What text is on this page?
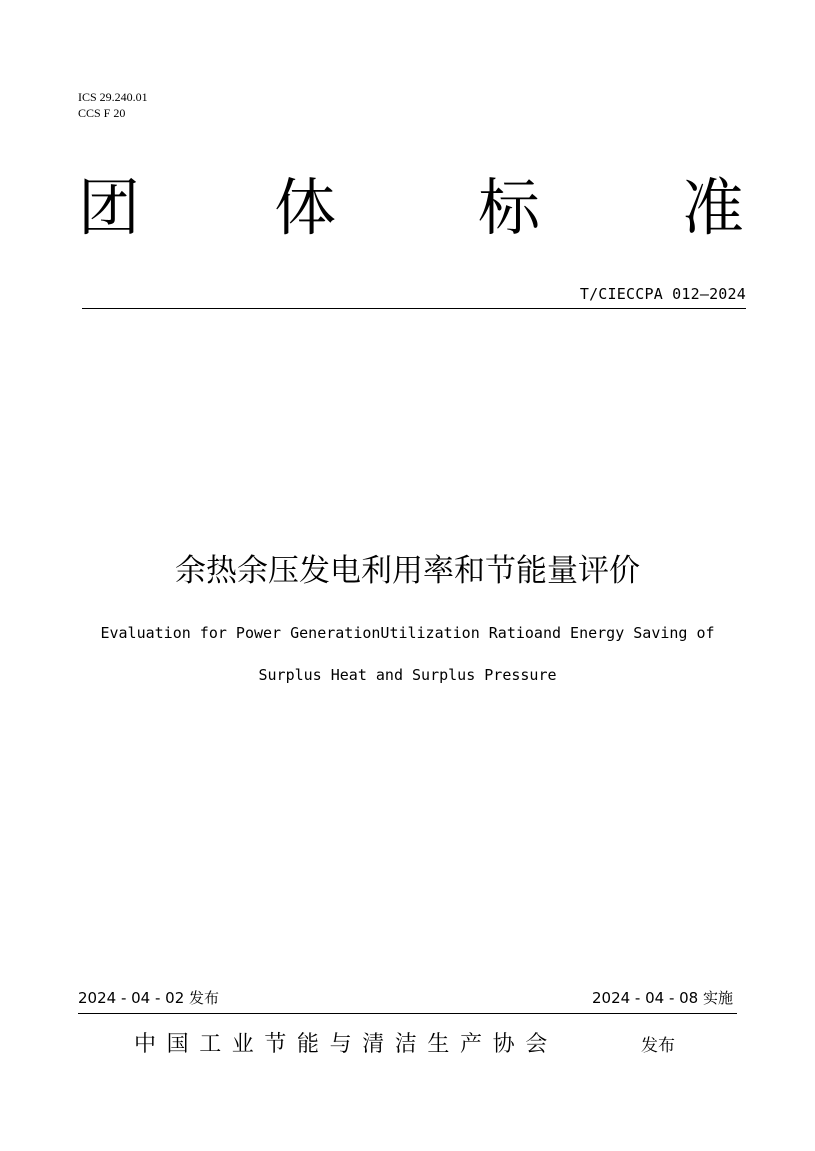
ICS 29.240.01
CCS F 20
团 体 标 准
T/CIECCPA 012—2024
余热余压发电利用率和节能量评价
Evaluation for Power GenerationUtilization Ratioand Energy Saving of
Surplus Heat and Surplus Pressure
2024 - 04 - 02 发布	2024 - 04 - 08 实施
中国工业节能与清洁生产协会	发布
